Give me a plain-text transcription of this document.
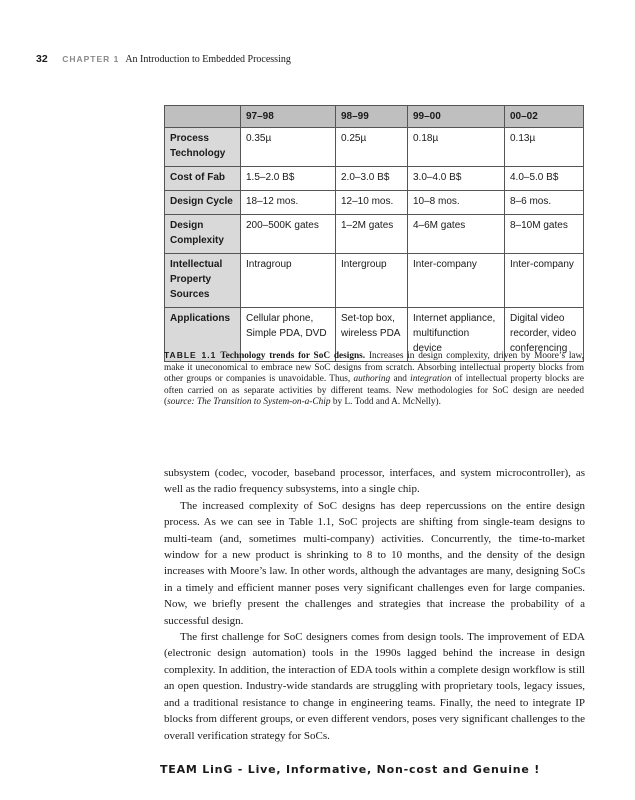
32 CHAPTER 1 An Introduction to Embedded Processing
	97–98	98–99	99–00	00–02
Process Technology	0.35µ	0.25µ	0.18µ	0.13µ
Cost of Fab	1.5–2.0 B$	2.0–3.0 B$	3.0–4.0 B$	4.0–5.0 B$
Design Cycle	18–12 mos.	12–10 mos.	10–8 mos.	8–6 mos.
Design Complexity	200–500K gates	1–2M gates	4–6M gates	8–10M gates
Intellectual Property Sources	Intragroup	Intergroup	Inter-company	Inter-company
Applications	Cellular phone, Simple PDA, DVD	Set-top box, wireless PDA	Internet appliance, multifunction device	Digital video recorder, video conferencing
TABLE 1.1 Technology trends for SoC designs. Increases in design complexity, driven by Moore’s law, make it uneconomical to embrace new SoC designs from scratch. Absorbing intellectual property blocks from other groups or companies is unavoidable. Thus, authoring and integration of intellectual property blocks are often carried on as separate activities by different teams. New methodologies for SoC design are needed (source: The Transition to System-on-a-Chip by L. Todd and A. McNelly).

subsystem (codec, vocoder, baseband processor, interfaces, and system microcontroller), as well as the radio frequency subsystems, into a single chip.

The increased complexity of SoC designs has deep repercussions on the entire design process. As we can see in Table 1.1, SoC projects are shifting from single-team designs to multi-team (and, sometimes multi-company) activities. Concurrently, the time-to-market window for a new product is shrinking to 8 to 10 months, and the density of the design increases with Moore’s law. In other words, although the advantages are many, designing SoCs in a timely and efficient manner poses very significant challenges even for large companies. Now, we briefly present the challenges and strategies that increase the probability of a successful design.

The first challenge for SoC designers comes from design tools. The improvement of EDA (electronic design automation) tools in the 1990s lagged behind the increase in design complexity. In addition, the interaction of EDA tools within a complete design workflow is still an open question. Industry-wide standards are struggling with proprietary tools, legacy issues, and a traditional resistance to change in engineering teams. Finally, the need to integrate IP blocks from different groups, or even different vendors, poses very significant challenges to the overall verification strategy for SoCs.

TEAM LinG - Live, Informative, Non-cost and Genuine !
